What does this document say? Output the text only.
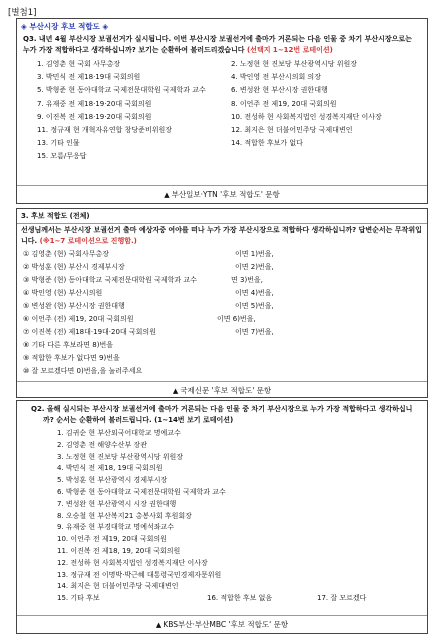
[별첨1]
◈ 부산시장 후보 적합도 ◈
Q3. 내년 4월 부산시장 보궐선거가 실시됩니다. 이번 부산시장 보궐선거에 출마가 거론되는 다음 인물 중 차기 부산시장으로는 누가 가장 적합하다고 생각하십니까? 보기는 순환하여 불러드리겠습니다 (선택지 1~12번 로테이션)
1. 김영춘 현 국회 사무총장
3. 박민식 전 제18·19대 국회의원
5. 박형준 현 동아대학교 국제전문대학원 국제학과 교수
7. 유재중 전 제18·19·20대 국회의원
9. 이진복 전 제18·19·20대 국회의원
11. 정규재 현 개혁자유연합 창당준비위원장
13. 기타 인물
15. 모름/무응답
2. 노정현 현 진보당 부산광역시당 위원장
4. 박인영 전 부산시의회 의장
6. 변성완 현 부산시장 권한대행
8. 이언주 전 제19, 20대 국회의원
10. 전성하 현 사회복지법인 성경복지재단 이사장
12. 최지은 현 더불어민주당 국제대변인
14. 적합한 후보가 없다
▲ 부산일보·YTN '후보 적합도' 문항
3. 후보 적합도 (전체)
선생님께서는 부산시장 보궐선거 출마 예상자중 여야를 떠나 누가 가장 부산시장으로 적합하다 생각하십니까? 답변순서는 무작위입니다. (※1~7 로테이션으로 진행함.)
① 김영춘 (현) 국회사무총장	이면 1)번을,
② 박성훈 (현) 부산시 경제부시장	이면 2)번을,
③ 박형준 (현) 동아대학교 국제전문대학원 국제학과 교수	면 3)번을,
④ 박인영 (현) 부산시의원	이면 4)번을,
⑤ 변성완 (현) 부산시장 권한대행	이면 5)번을,
⑥ 이언주 (전) 제19, 20대 국회의원	이면 6)번을,
⑦ 이진복 (전) 제18대·19대·20대 국회의원	이면 7)번을,
⑧ 기타 다른 후보라면 8)번을
⑨ 적합한 후보가 없다면 9)번을
⑩ 잘 모르겠다면 0)번을,을 눌러주세요
▲ 국제신문 '후보 적합도' 문항
Q2. 올해 실시되는 부산시장 보궐선거에 출마가 거론되는 다음 인물 중 차기 부산시장으로 누가 가장 적합하다고 생각하십니까? 순서는 순환하여 불러드립니다. (1~14번 보기 로테이션)
1. 김귀순 현 부산외국어대학교 명예교수
2. 김영춘 전 해양수산부 장관
3. 노정현 현 진보당 부산광역시당 위원장
4. 박민식 전 제18, 19대 국회의원
5. 박성훈 현 부산광역시 경제부시장
6. 박형준 현 동아대학교 국제전문대학원 국제학과 교수
7. 변성완 현 부산광역시 시장 권한대행
8. 오승철 현 부산복지21 총봉사회 후원회장
9. 유재중 현 부경대학교 명예석좌교수
10. 이언주 전 제19, 20대 국회의원
11. 이진복 전 제18, 19, 20대 국회의원
12. 전성하 현 사회복지법인 성경복지재단 이사장
13. 정규재 전 이명박·박근혜 대통령국민경제자문위원
14. 최지은 현 더불어민주당 국제대변인
15. 기타 후보	16. 적합한 후보 없음	17. 잘 모르겠다
▲ KBS부산·부산MBC '후보 적합도' 문항
